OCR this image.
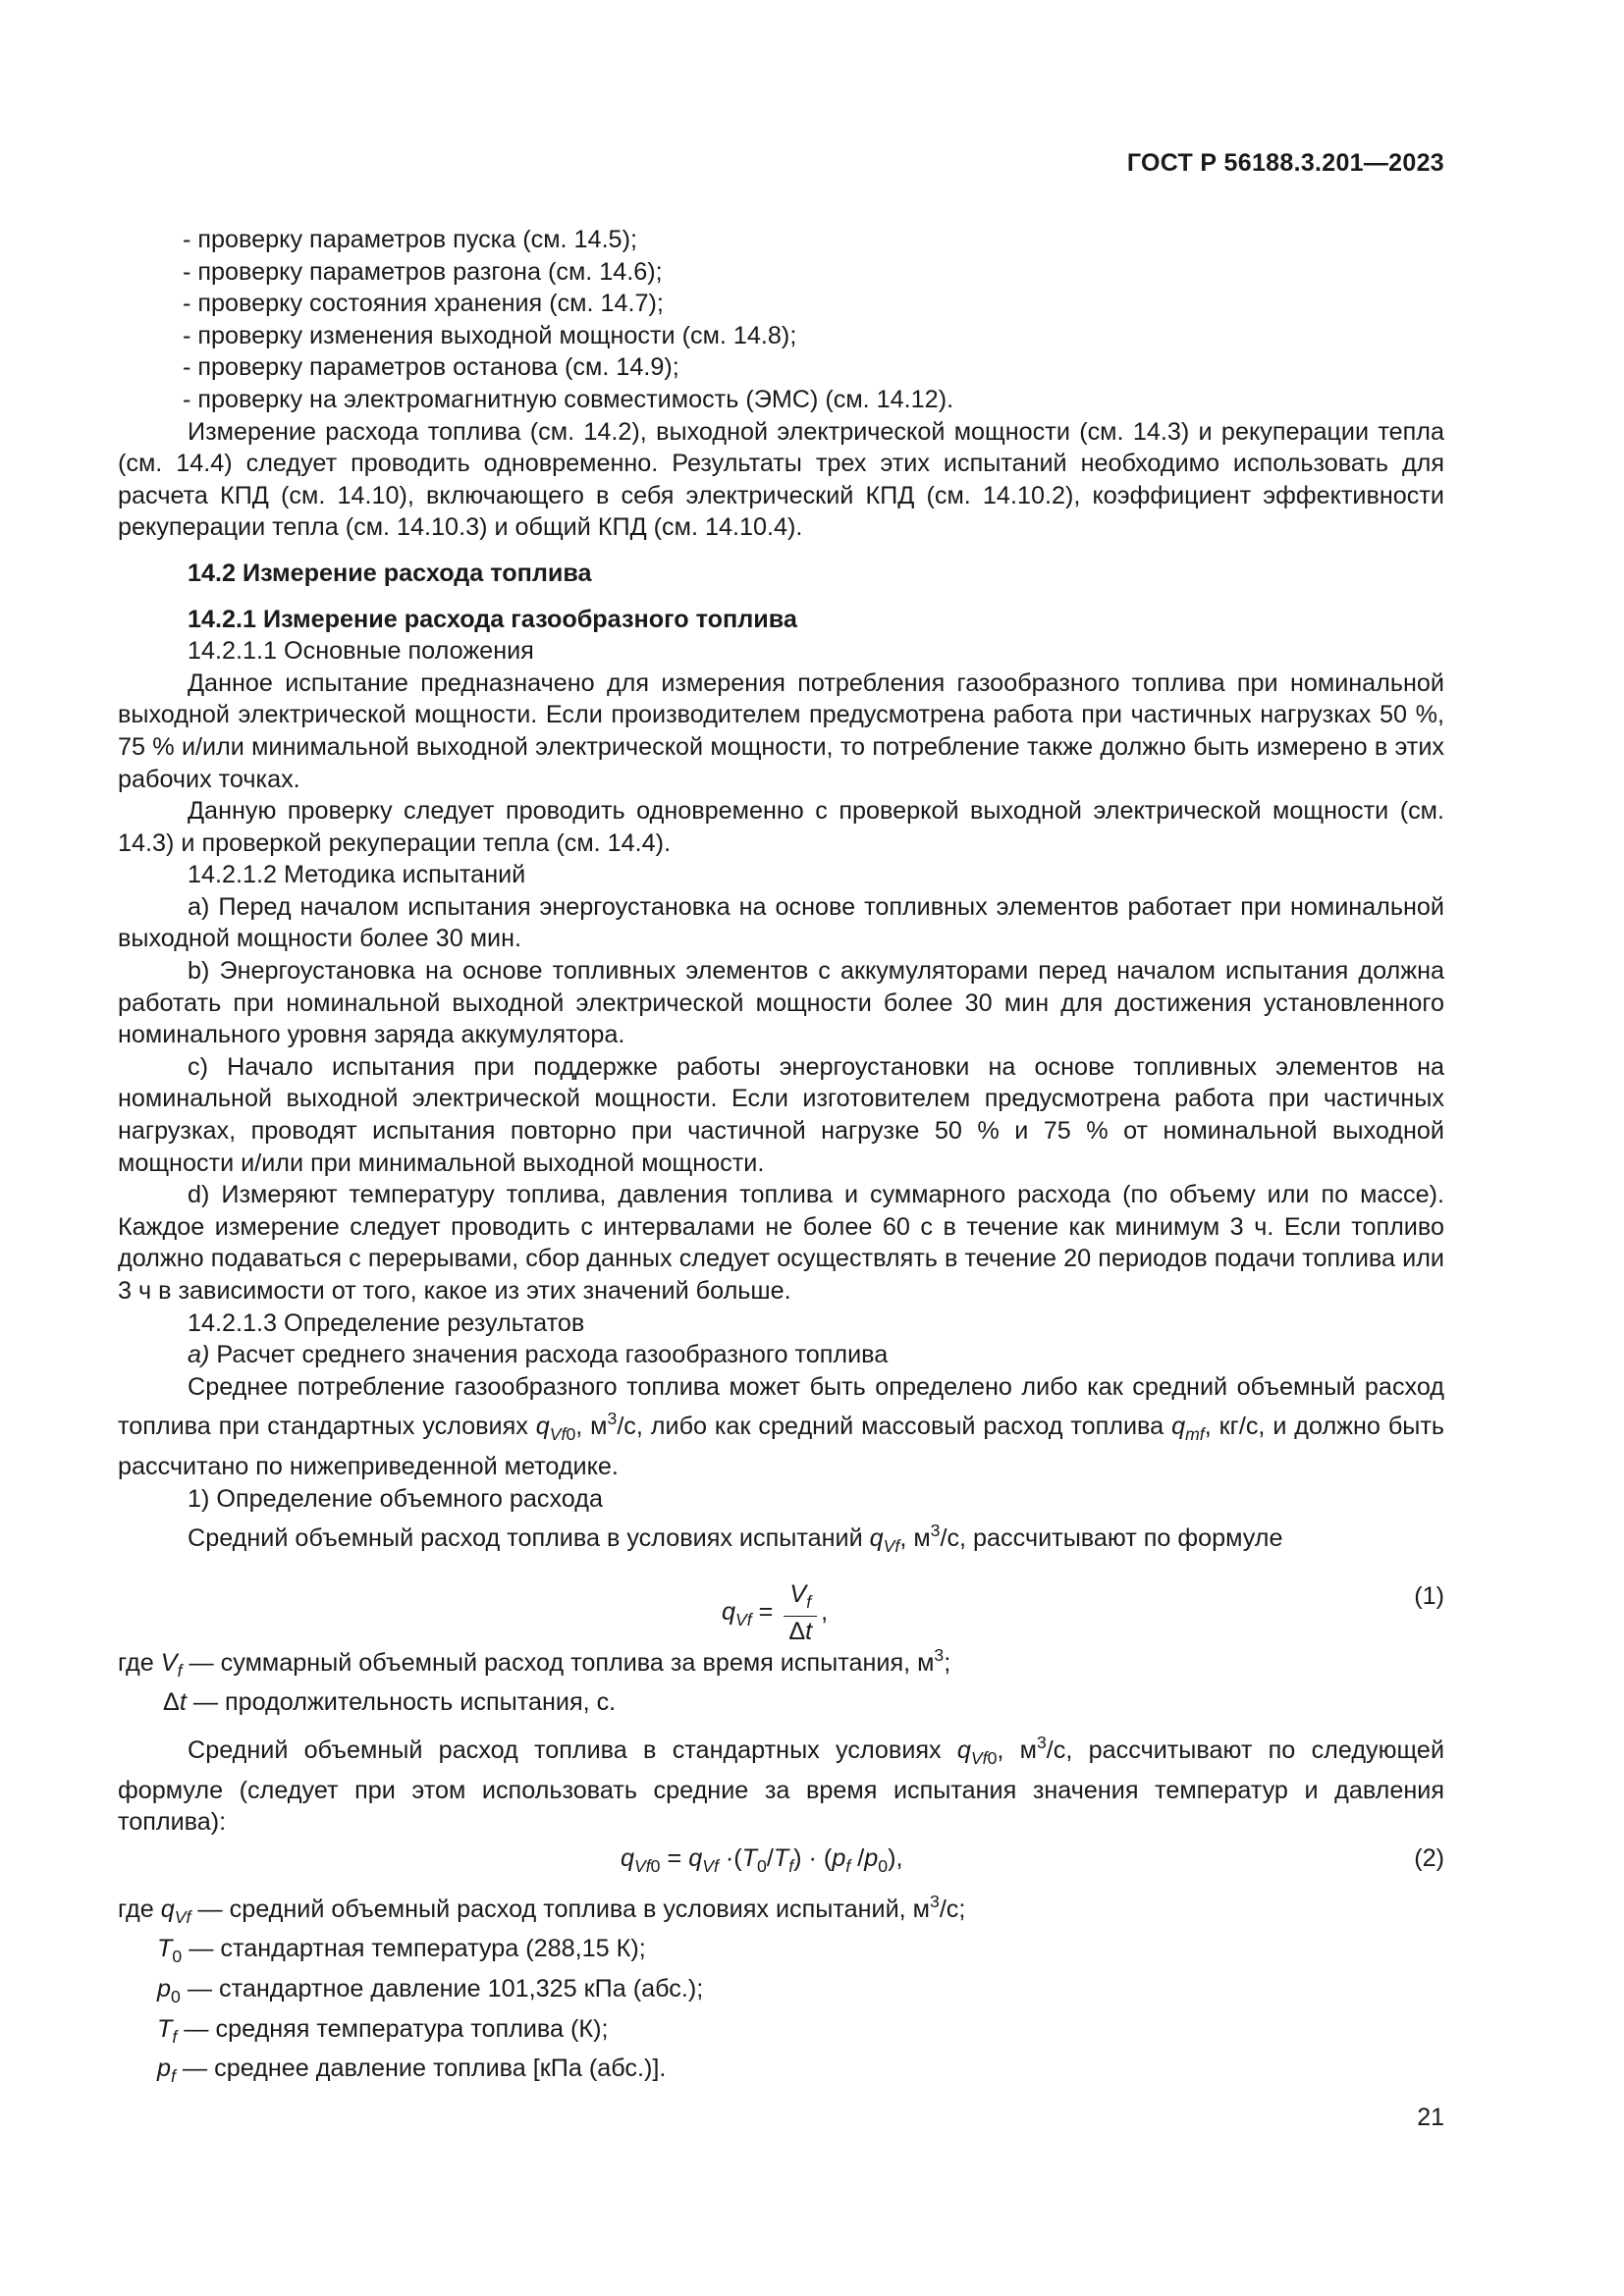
ГОСТ Р 56188.3.201—2023

- проверку параметров пуска (см. 14.5);

- проверку параметров разгона (см. 14.6);

- проверку состояния хранения (см. 14.7);

- проверку изменения выходной мощности (см. 14.8);

- проверку параметров останова (см. 14.9);

- проверку на электромагнитную совместимость (ЭМС) (см. 14.12).

Измерение расхода топлива (см. 14.2), выходной электрической мощности (см. 14.3) и рекуперации тепла (см. 14.4) следует проводить одновременно. Результаты трех этих испытаний необходимо использовать для расчета КПД (см. 14.10), включающего в себя электрический КПД (см. 14.10.2), коэффициент эффективности рекуперации тепла (см. 14.10.3) и общий КПД (см. 14.10.4).

14.2 Измерение расхода топлива

14.2.1 Измерение расхода газообразного топлива

14.2.1.1 Основные положения

Данное испытание предназначено для измерения потребления газообразного топлива при номинальной выходной электрической мощности. Если производителем предусмотрена работа при частичных нагрузках 50 %, 75 % и/или минимальной выходной электрической мощности, то потребление также должно быть измерено в этих рабочих точках.

Данную проверку следует проводить одновременно с проверкой выходной электрической мощности (см. 14.3) и проверкой рекуперации тепла (см. 14.4).

14.2.1.2 Методика испытаний

a) Перед началом испытания энергоустановка на основе топливных элементов работает при номинальной выходной мощности более 30 мин.

b) Энергоустановка на основе топливных элементов с аккумуляторами перед началом испытания должна работать при номинальной выходной электрической мощности более 30 мин для достижения установленного номинального уровня заряда аккумулятора.

c) Начало испытания при поддержке работы энергоустановки на основе топливных элементов на номинальной выходной электрической мощности. Если изготовителем предусмотрена работа при частичных нагрузках, проводят испытания повторно при частичной нагрузке 50 % и 75 % от номинальной выходной мощности и/или при минимальной выходной мощности.

d) Измеряют температуру топлива, давления топлива и суммарного расхода (по объему или по массе). Каждое измерение следует проводить с интервалами не более 60 с в течение как минимум 3 ч. Если топливо должно подаваться с перерывами, сбор данных следует осуществлять в течение 20 периодов подачи топлива или 3 ч в зависимости от того, какое из этих значений больше.

14.2.1.3 Определение результатов

a) Расчет среднего значения расхода газообразного топлива

Среднее потребление газообразного топлива может быть определено либо как средний объемный расход топлива при стандартных условиях $q_{Vf0}$, $м^3/с$, либо как средний массовый расход топлива $q_{mf}$, кг/с, и должно быть рассчитано по нижеприведенной методике.

1) Определение объемного расхода

Средний объемный расход топлива в условиях испытаний $q_{Vf}$, $м^3/с$, рассчитывают по формуле

$q_{Vf} = \frac{V_f}{\Delta t}$ ,
(1)

где $V_f$ — суммарный объемный расход топлива за время испытания, $м^3$;

Δt — продолжительность испытания, с.

Средний объемный расход топлива в стандартных условиях $q_{Vf0}$, $м^3/с$, рассчитывают по следующей формуле (следует при этом использовать средние за время испытания значения температур и давления топлива):

$q_{Vf0} = q_{Vf} \cdot(T_0/T_f) \cdot (p_f$ $/p_0$),	(2)

где $q_{Vf}$ — средний объемный расход топлива в условиях испытаний, $м^3/с$;

$T_0$ — стандартная температура (288,15 К);

$p_0$ — стандартное давление 101,325 кПа (абс.);

$T_f$ — средняя температура топлива (К);

$p_f$ — среднее давление топлива [кПа (абс.)].

21
